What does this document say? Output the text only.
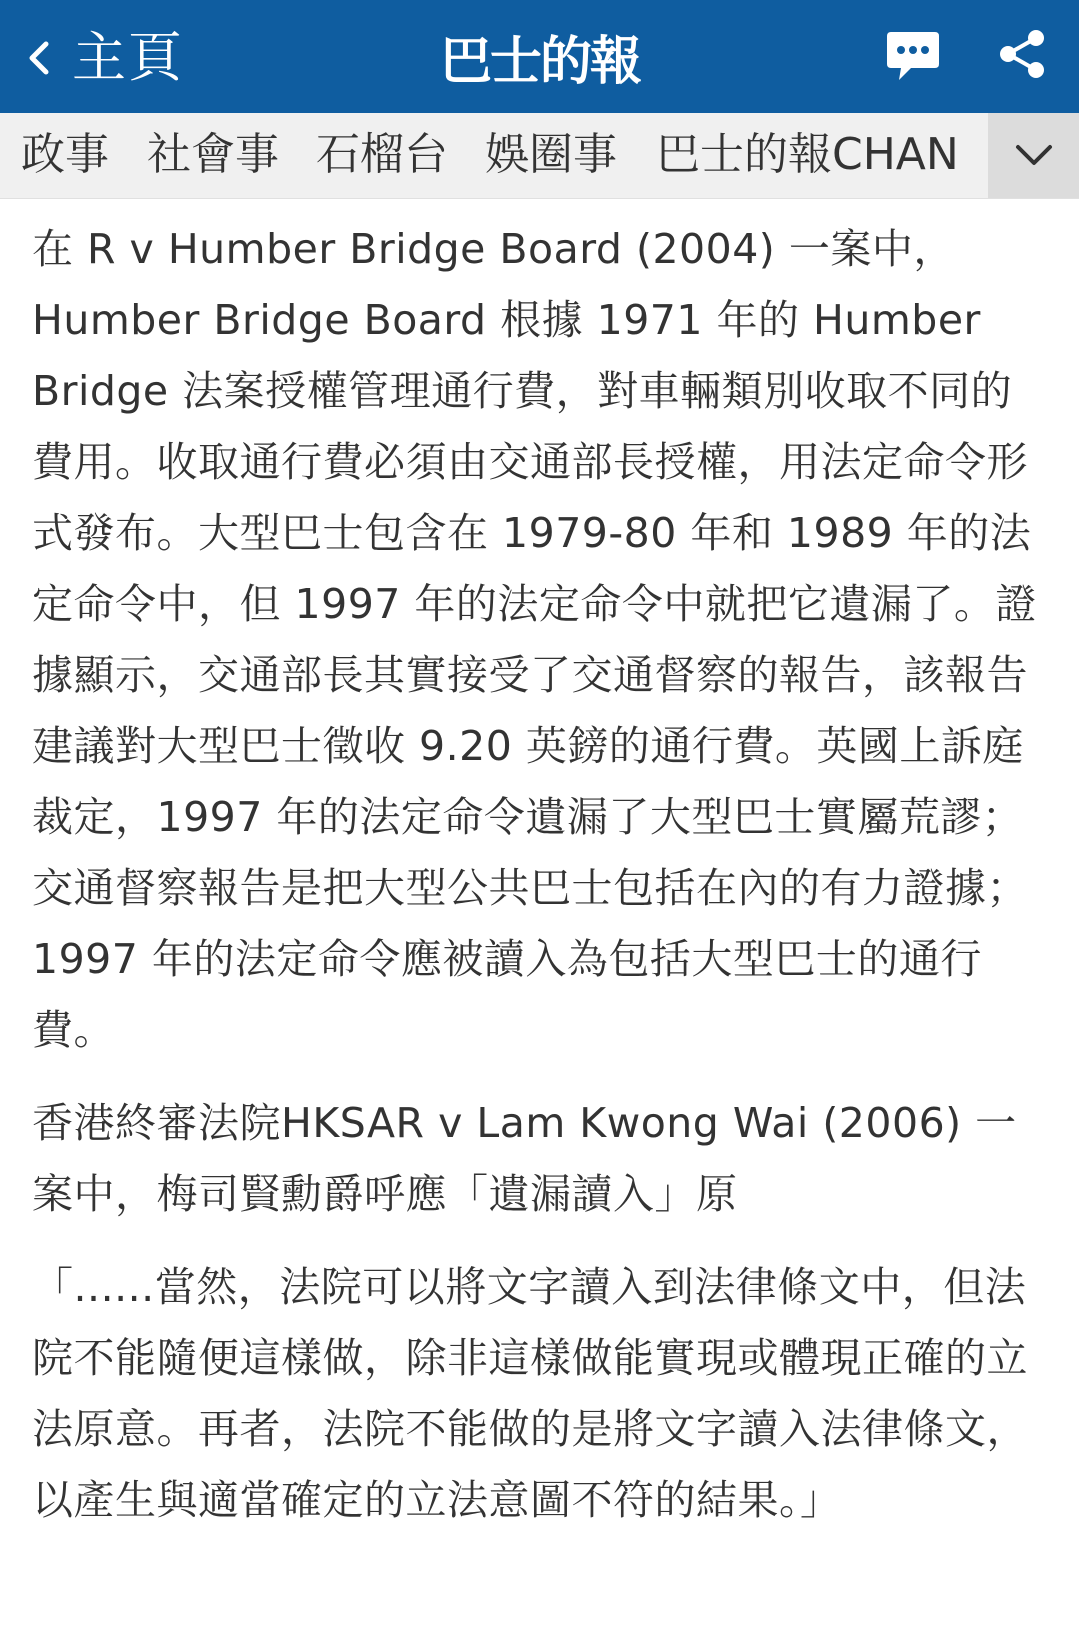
主頁	巴士的報
政事 社會事 石榴台 娛圈事 巴士的報CHAN

在 R v Humber Bridge Board (2004) 一案中，Humber Bridge Board 根據 1971 年的 Humber Bridge 法案授權管理通行費，對車輛類別收取不同的費用。收取通行費必須由交通部長授權，用法定命令形式發布。大型巴士包含在 1979-80 年和 1989 年的法定命令中，但 1997 年的法定命令中就把它遺漏了。證據顯示，交通部長其實接受了交通督察的報告，該報告建議對大型巴士徵收 9.20 英鎊的通行費。英國上訴庭裁定，1997 年的法定命令遺漏了大型巴士實屬荒謬；交通督察報告是把大型公共巴士包括在內的有力證據；1997 年的法定命令應被讀入為包括大型巴士的通行費。

香港終審法院HKSAR v Lam Kwong Wai (2006) 一案中，梅司賢勳爵呼應「遺漏讀入」原

「......當然，法院可以將文字讀入到法律條文中，但法院不能隨便這樣做，除非這樣做能實現或體現正確的立法原意。再者，法院不能做的是將文字讀入法律條文，以產生與適當確定的立法意圖不符的結果。」
